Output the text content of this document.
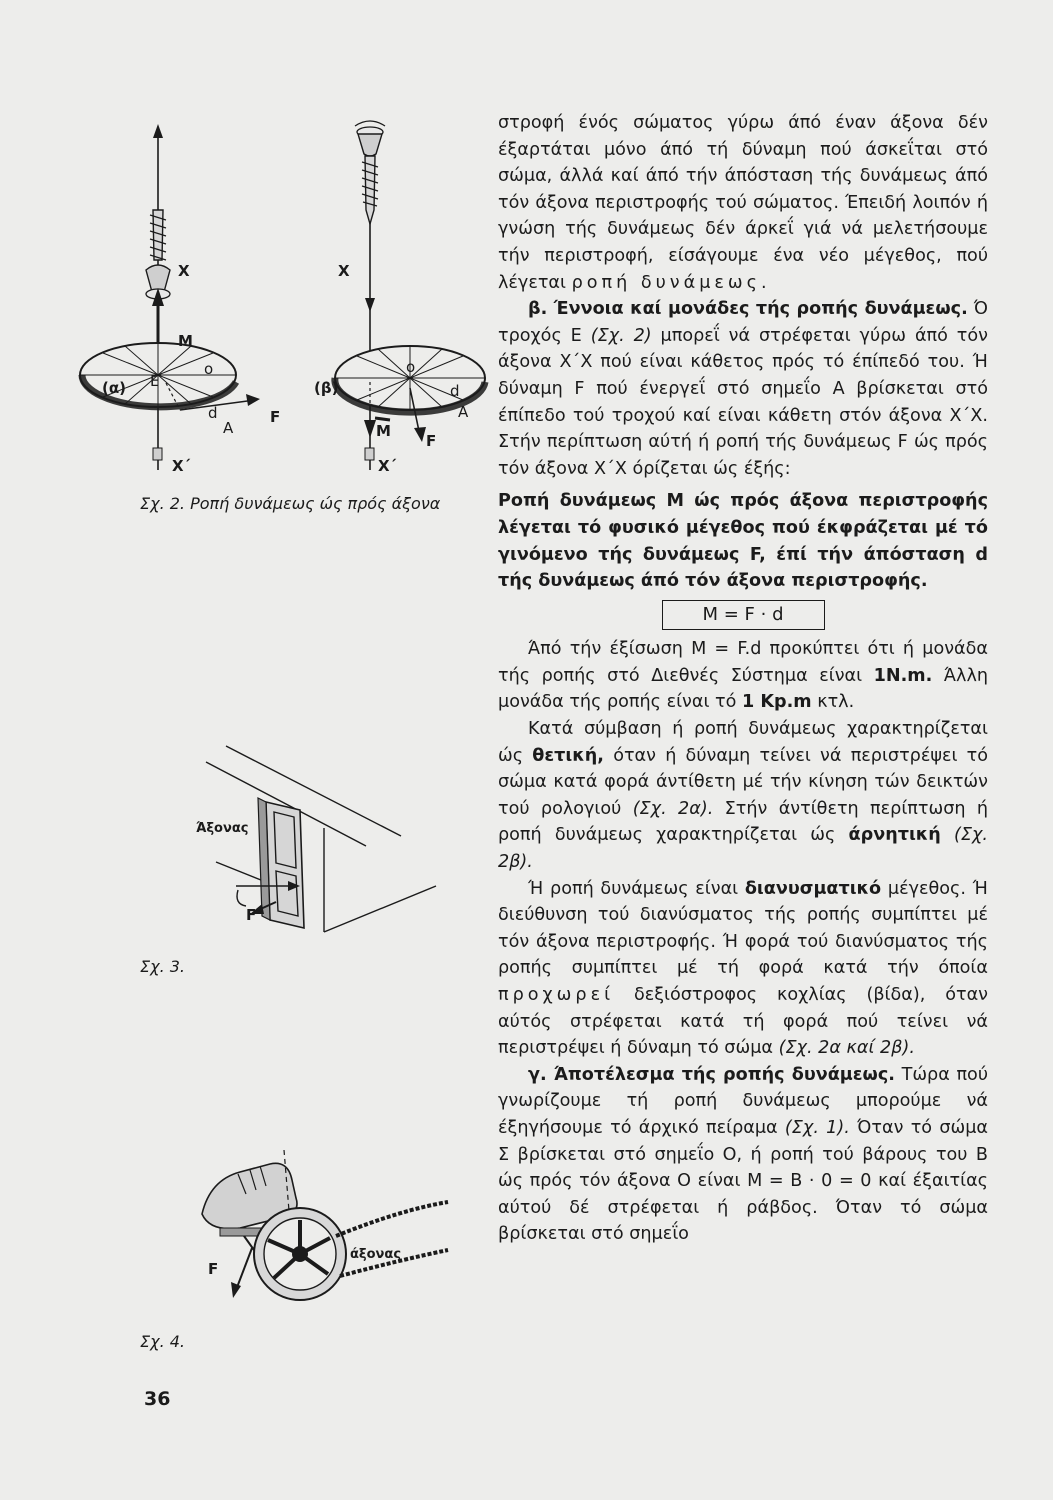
X	X
M
(α) E
o
d
A
F
X΄
(β)
o
d
A
M
F
X΄
Σχ. 2. Ροπή δυνάμεως ώς πρός άξονα
Άξονας
F
Σχ. 3.
άξονας
F
Σχ. 4.
36

στροφή ένός σώματος γύρω άπό έναν άξονα δέν έξαρτάται μόνο άπό τή δύναμη πού άσκεΐται στό σώμα, άλλά καί άπό τήν άπόσταση τής δυνάμεως άπό τόν άξονα περιστροφής τού σώματος. Έπειδή λοιπόν ή γνώση τής δυνάμεως δέν άρκεΐ γιά νά μελετήσουμε τήν περιστροφή, είσάγουμε ένα νέο μέγεθος, πού λέγεται ροπή δυνάμεως.

β. Έννοια καί μονάδες τής ροπής δυνάμεως. Ό τροχός Ε (Σχ. 2) μπορεΐ νά στρέφεται γύρω άπό τόν άξονα Χ΄Χ πού είναι κάθετος πρός τό έπίπεδό του. Ή δύναμη F πού ένεργεΐ στό σημεΐο Α βρίσκεται στό έπίπεδο τού τροχού καί είναι κάθετη στόν άξονα Χ΄Χ. Στήν περίπτωση αύτή ή ροπή τής δυνάμεως F ώς πρός τόν άξονα Χ΄Χ όρίζεται ώς έξής:

Ροπή δυνάμεως Μ ώς πρός άξονα περιστροφής λέγεται τό φυσικό μέγεθος πού έκφράζεται μέ τό γινόμενο τής δυνάμεως F, έπί τήν άπόσταση d τής δυνάμεως άπό τόν άξονα περιστροφής.

M = F · d

Άπό τήν έξίσωση Μ = F.d προκύπτει ότι ή μονάδα τής ροπής στό Διεθνές Σύστημα είναι 1N.m. Άλλη μονάδα τής ροπής είναι τό 1 Kp.m κτλ.

Κατά σύμβαση ή ροπή δυνάμεως χαρακτηρίζεται ώς θετική, όταν ή δύναμη τείνει νά περιστρέψει τό σώμα κατά φορά άντίθετη μέ τήν κίνηση τών δεικτών τού ρολογιού (Σχ. 2α). Στήν άντίθετη περίπτωση ή ροπή δυνάμεως χαρακτηρίζεται ώς άρνητική (Σχ. 2β).

Ή ροπή δυνάμεως είναι διανυσματικό μέγεθος. Ή διεύθυνση τού διανύσματος τής ροπής συμπίπτει μέ τόν άξονα περιστροφής. Ή φορά τού διανύσματος τής ροπής συμπίπτει μέ τή φορά κατά τήν όποία προχωρεί δεξιόστροφος κοχλίας (βίδα), όταν αύτός στρέφεται κατά τή φορά πού τείνει νά περιστρέψει ή δύναμη τό σώμα (Σχ. 2α καί 2β).

γ. Άποτέλεσμα τής ροπής δυνάμεως. Τώρα πού γνωρίζουμε τή ροπή δυνάμεως μπορούμε νά έξηγήσουμε τό άρχικό πείραμα (Σχ. 1). Όταν τό σώμα Σ βρίσκεται στό σημεΐο Ο, ή ροπή τού βάρους του Β ώς πρός τόν άξονα Ο είναι Μ = Β · 0 = 0 καί έξαιτίας αύτού δέ στρέφεται ή ράβδος. Όταν τό σώμα βρίσκεται στό σημεΐο
